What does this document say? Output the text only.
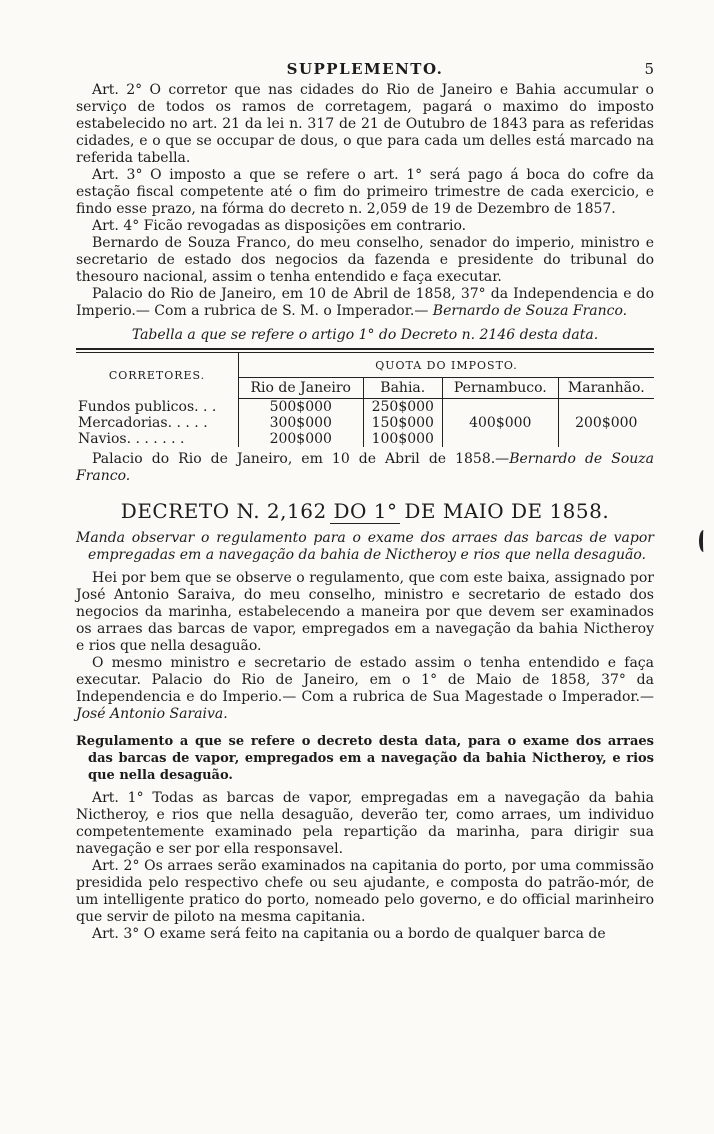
SUPPLEMENTO.	5

Art. 2° O corretor que nas cidades do Rio de Janeiro e Bahia accumular o serviço de todos os ramos de corretagem, pagará o maximo do imposto estabelecido no art. 21 da lei n. 317 de 21 de Outubro de 1843 para as referidas cidades, e o que se occupar de dous, o que para cada um delles está marcado na referida tabella.

Art. 3° O imposto a que se refere o art. 1° será pago á boca do cofre da estação fiscal competente até o fim do primeiro trimestre de cada exercicio, e findo esse prazo, na fórma do decreto n. 2,059 de 19 de Dezembro de 1857.

Art. 4° Ficão revogadas as disposições em contrario.

Bernardo de Souza Franco, do meu conselho, senador do imperio, ministro e secretario de estado dos negocios da fazenda e presidente do tribunal do thesouro nacional, assim o tenha entendido e faça executar.

Palacio do Rio de Janeiro, em 10 de Abril de 1858, 37° da Independencia e do Imperio.— Com a rubrica de S. M. o Imperador.— Bernardo de Souza Franco.

Tabella a que se refere o artigo 1° do Decreto n. 2146 desta data.
CORRETORES.	QUOTA DO IMPOSTO.			
	Rio de Janeiro	Bahia.	Pernambuco.	Maranhão.
Fundos publicos. . .	500$000	250$000		
Mercadorias. . . . .	300$000	150$000	400$000	200$000
Navios. . . . . . .	200$000	100$000		

Palacio do Rio de Janeiro, em 10 de Abril de 1858.—Bernardo de Souza Franco.

DECRETO N. 2,162 DO 1° DE MAIO DE 1858.
Manda observar o regulamento para o exame dos arraes das barcas de vapor empregadas em a navegação da bahia de Nictheroy e rios que nella desaguão.

Hei por bem que se observe o regulamento, que com este baixa, assignado por José Antonio Saraiva, do meu conselho, ministro e secretario de estado dos negocios da marinha, estabelecendo a maneira por que devem ser examinados os arraes das barcas de vapor, empregados em a navegação da bahia Nictheroy e rios que nella desaguão.

O mesmo ministro e secretario de estado assim o tenha entendido e faça executar. Palacio do Rio de Janeiro, em o 1° de Maio de 1858, 37° da Independencia e do Imperio.— Com a rubrica de Sua Magestade o Imperador.— José Antonio Saraiva.

Regulamento a que se refere o decreto desta data, para o exame dos arraes das barcas de vapor, empregados em a navegação da bahia Nictheroy, e rios que nella desaguão.

Art. 1° Todas as barcas de vapor, empregadas em a navegação da bahia Nictheroy, e rios que nella desaguão, deverão ter, como arraes, um individuo competentemente examinado pela repartição da marinha, para dirigir sua navegação e ser por ella responsavel.

Art. 2° Os arraes serão examinados na capitania do porto, por uma commissão presidida pelo respectivo chefe ou seu ajudante, e composta do patrão-mór, de um intelligente pratico do porto, nomeado pelo governo, e do official marinheiro que servir de piloto na mesma capitania.

Art. 3° O exame será feito na capitania ou a bordo de qualquer barca de
